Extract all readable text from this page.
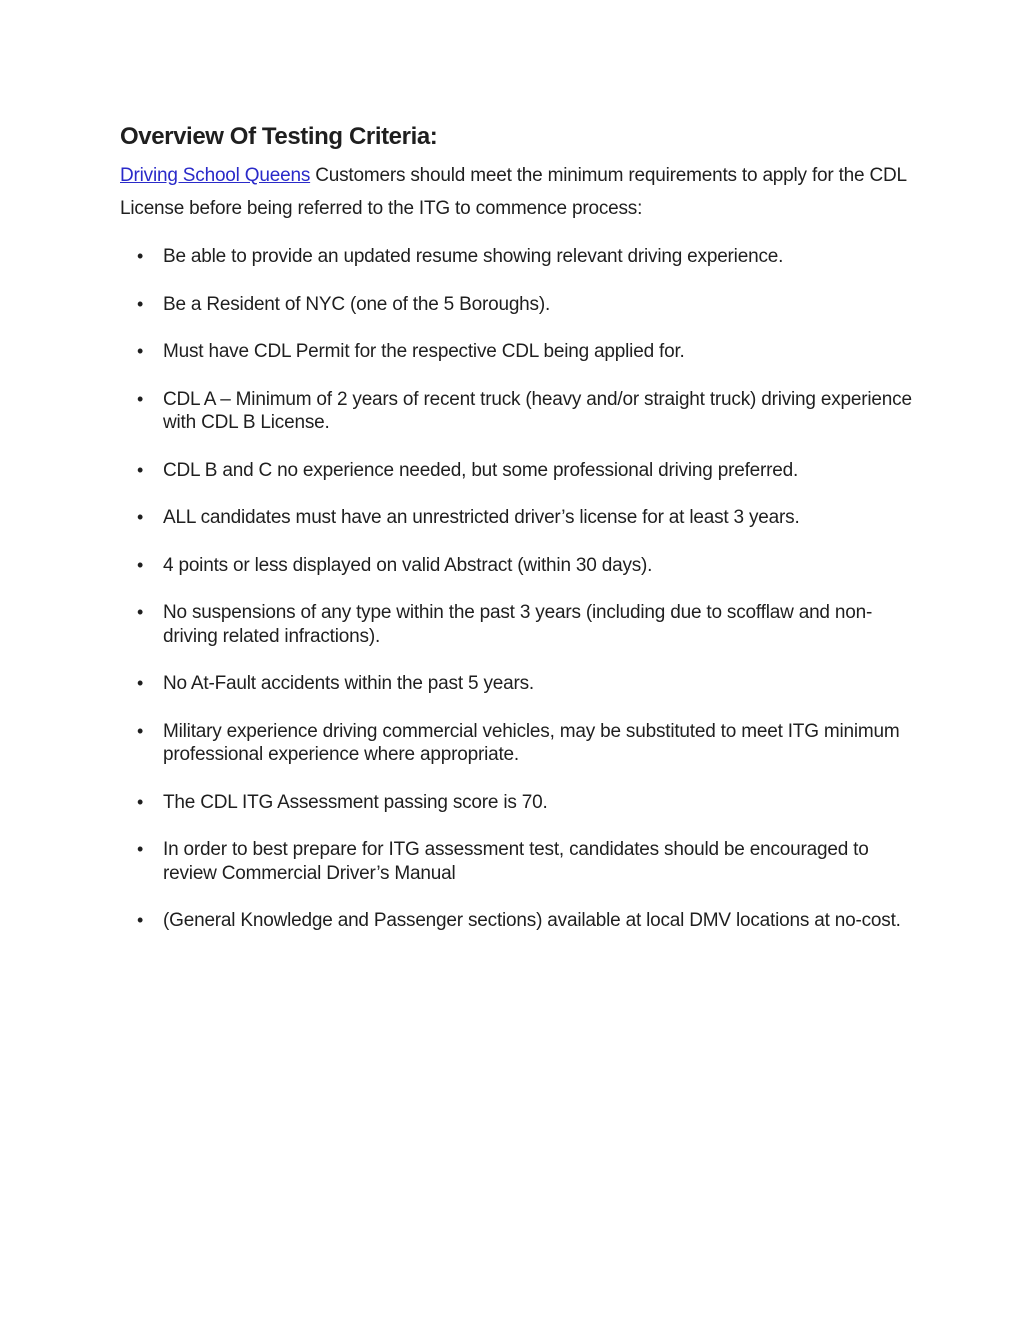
Overview Of Testing Criteria:

Driving School Queens Customers should meet the minimum requirements to apply for the CDL License before being referred to the ITG to commence process:

• Be able to provide an updated resume showing relevant driving experience.
• Be a Resident of NYC (one of the 5 Boroughs).
• Must have CDL Permit for the respective CDL being applied for.
• CDL A – Minimum of 2 years of recent truck (heavy and/or straight truck) driving experience with CDL B License.
• CDL B and C no experience needed, but some professional driving preferred.
• ALL candidates must have an unrestricted driver’s license for at least 3 years.
• 4 points or less displayed on valid Abstract (within 30 days).
• No suspensions of any type within the past 3 years (including due to scofflaw and non-driving related infractions).
• No At-Fault accidents within the past 5 years.
• Military experience driving commercial vehicles, may be substituted to meet ITG minimum professional experience where appropriate.
• The CDL ITG Assessment passing score is 70.
• In order to best prepare for ITG assessment test, candidates should be encouraged to review Commercial Driver’s Manual
• (General Knowledge and Passenger sections) available at local DMV locations at no-cost.
